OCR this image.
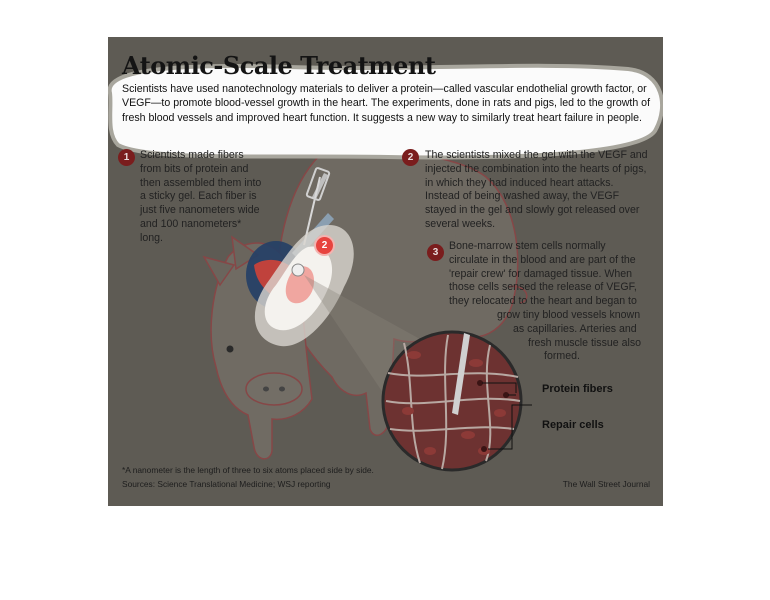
Atomic-Scale Treatment

Scientists have used nanotechnology materials to deliver a protein—called vascular endothelial growth factor, or VEGF—to promote blood-vessel growth in the heart. The experiments, done in rats and pigs, led to the growth of fresh blood vessels and improved heart function. It suggests a new way to similarly treat heart failure in people.

1	Scientists made fibers from bits of protein and then assembled them into a sticky gel. Each fiber is just five nanometers wide and 100 nanometers* long.

2	The scientists mixed the gel with the VEGF and injected the combination into the hearts of pigs, in which they had induced heart attacks. Instead of being washed away, the VEGF stayed in the gel and slowly got released over several weeks.

3

Bone-marrow stem cells normally

circulate in the blood and are part of the

'repair crew' for damaged tissue. When

those cells sensed the release of VEGF,

they relocated to the heart and began to

grow tiny blood vessels known

as capillaries. Arteries and

fresh muscle tissue also

formed.

2
Protein fibers
Repair cells
*A nanometer is the length of three to six atoms placed side by side.
Sources: Science Translational Medicine; WSJ reporting	The Wall Street Journal
